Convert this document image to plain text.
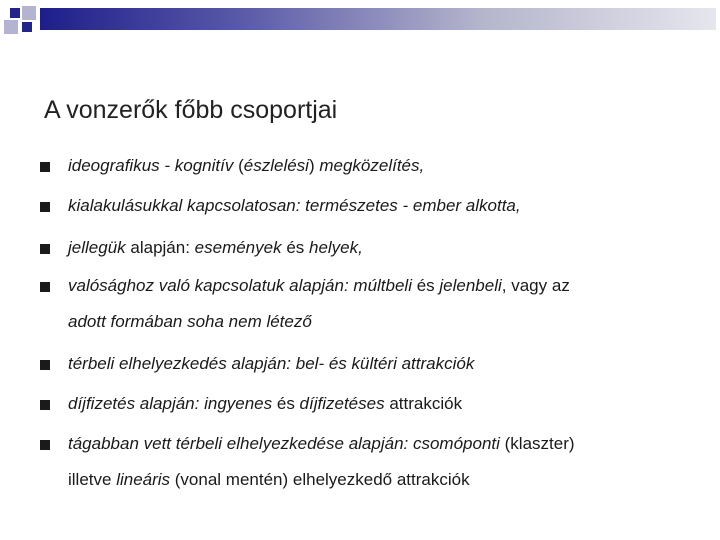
A vonzerők főbb csoportjai
ideografikus - kognitív (észlelési) megközelítés,
kialakulásukkal kapcsolatosan: természetes - ember alkotta,
jellegük alapján: események és helyek,
valósághoz való kapcsolatuk alapján: múltbeli és jelenbeli, vagy az
adott formában soha nem létező
térbeli elhelyezkedés alapján: bel- és kültéri attrakciók
díjfizetés alapján: ingyenes és díjfizetéses attrakciók
tágabban vett térbeli elhelyezkedése alapján: csomóponti (klaszter)
illetve lineáris (vonal mentén) elhelyezkedő attrakciók
